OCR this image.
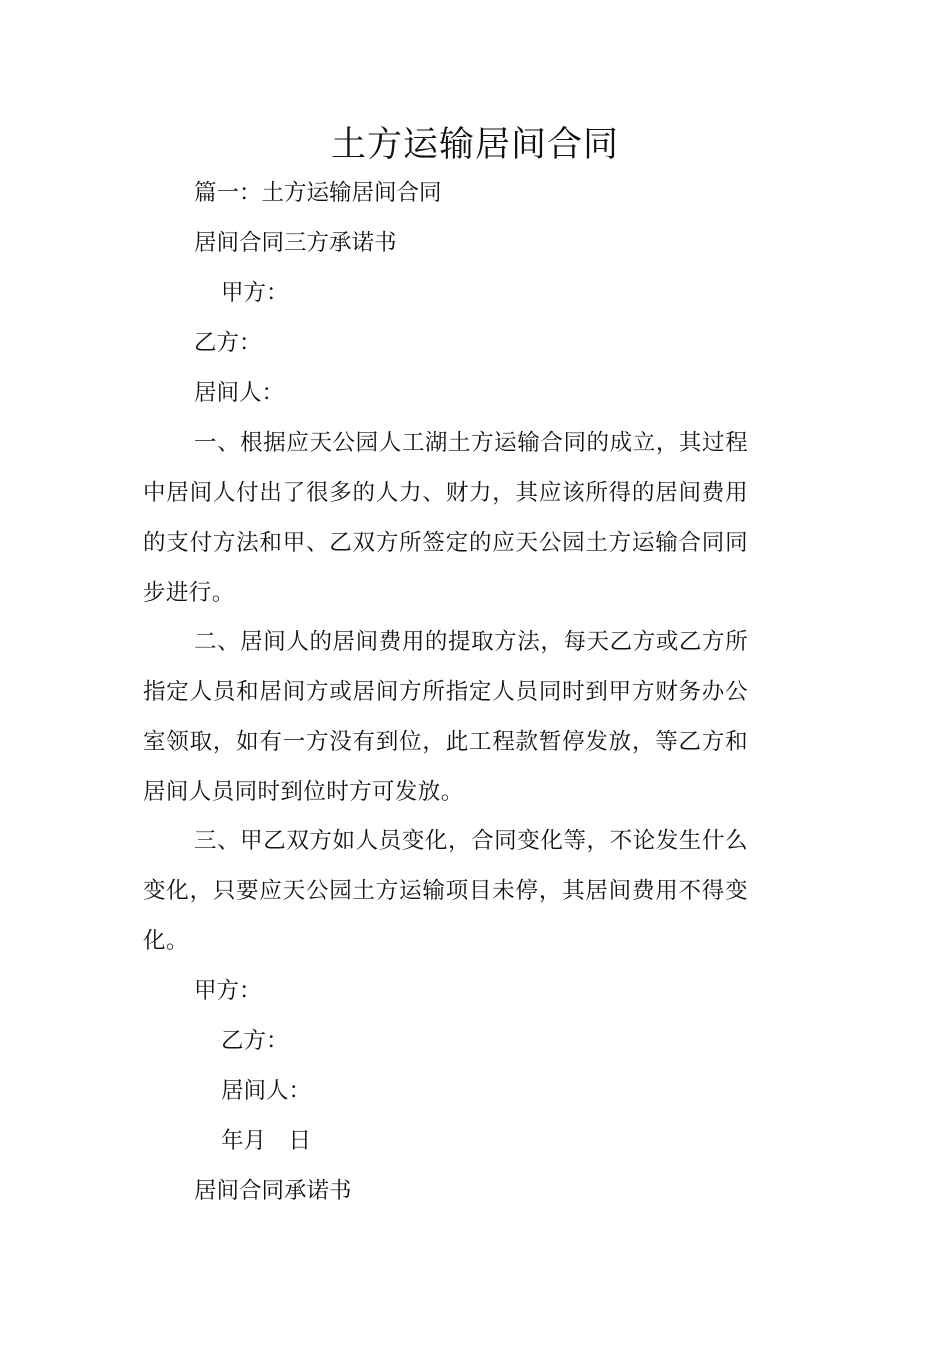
土方运输居间合同

篇一：土方运输居间合同

居间合同三方承诺书

甲方：

乙方：

居间人：

一、根据应天公园人工湖土方运输合同的成立，其过程中居间人付出了很多的人力、财力，其应该所得的居间费用的支付方法和甲、乙双方所签定的应天公园土方运输合同同步进行。

二、居间人的居间费用的提取方法，每天乙方或乙方所指定人员和居间方或居间方所指定人员同时到甲方财务办公室领取，如有一方没有到位，此工程款暂停发放，等乙方和居间人员同时到位时方可发放。

三、甲乙双方如人员变化，合同变化等，不论发生什么变化，只要应天公园土方运输项目未停，其居间费用不得变化。

甲方：

乙方：

居间人：

年月　日

居间合同承诺书
